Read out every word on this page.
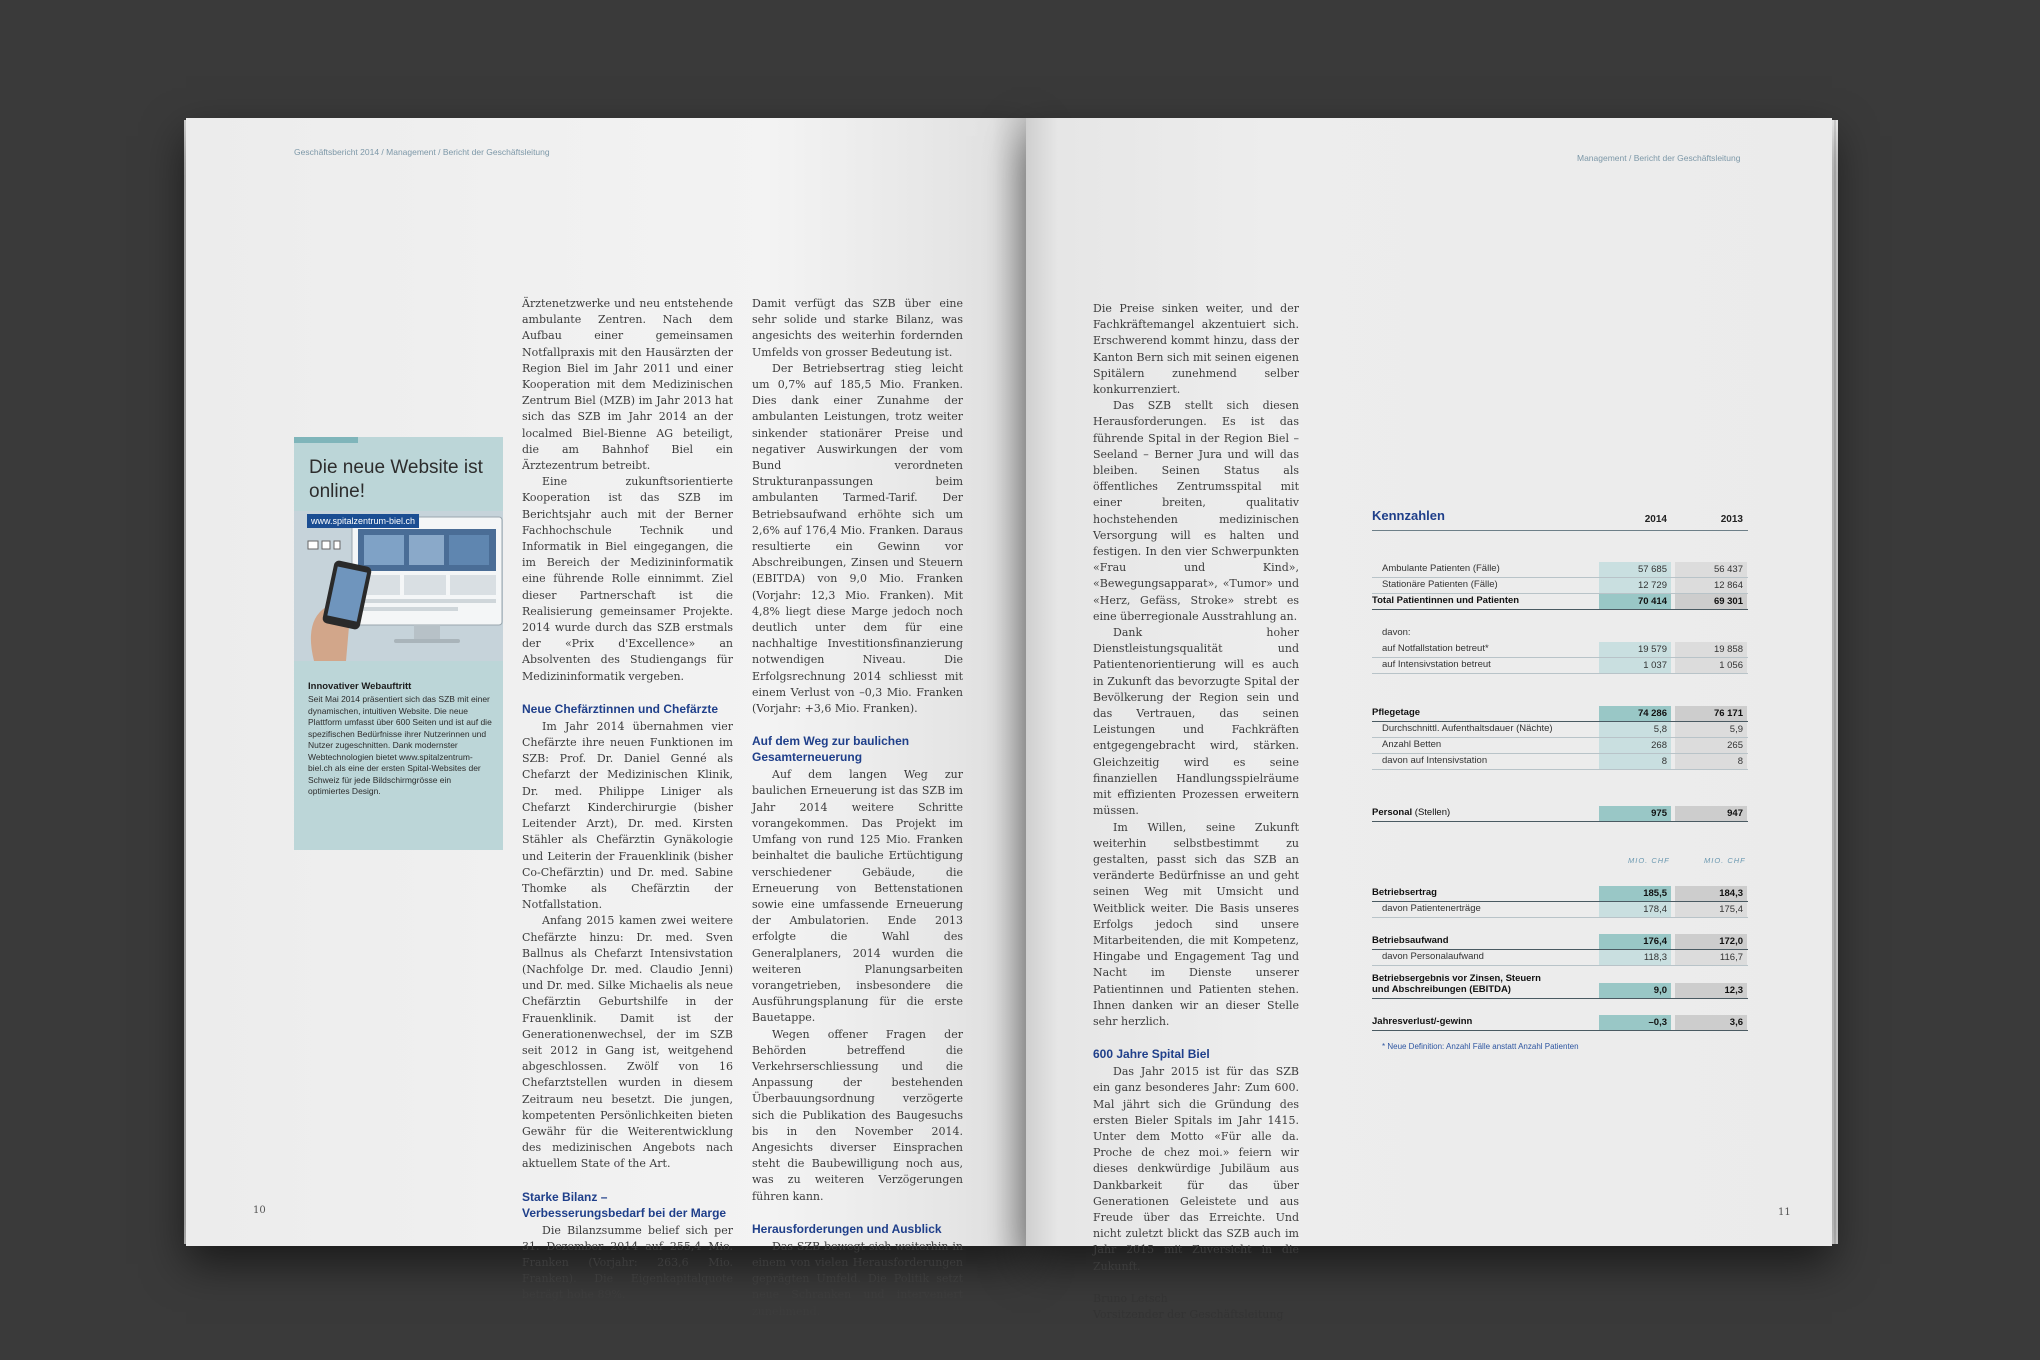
Geschäftsbericht 2014 / Management / Bericht der Geschäftsleitung
Die neue Website ist online!
www.spitalzentrum-biel.ch
Innovativer Webauftritt
Seit Mai 2014 präsentiert sich das SZB mit einer dynamischen, intuitiven Website. Die neue Plattform umfasst über 600 Seiten und ist auf die spezifischen Bedürfnisse ihrer Nutzerinnen und Nutzer zugeschnitten. Dank modernster Webtechnologien bietet www.spitalzentrum-biel.ch als eine der ersten Spital-Websites der Schweiz für jede Bildschirmgrösse ein optimiertes Design.

Ärztenetzwerke und neu entstehende ambulante Zentren. Nach dem Aufbau einer gemeinsamen Notfallpraxis mit den Hausärzten der Region Biel im Jahr 2011 und einer Kooperation mit dem Medizinischen Zentrum Biel (MZB) im Jahr 2013 hat sich das SZB im Jahr 2014 an der localmed Biel-Bienne AG beteiligt, die am Bahnhof Biel ein Ärztezentrum betreibt.

Eine zukunftsorientierte Kooperation ist das SZB im Berichtsjahr auch mit der Berner Fachhochschule Technik und Informatik in Biel eingegangen, die im Bereich der Medizininformatik eine führende Rolle einnimmt. Ziel dieser Partnerschaft ist die Realisierung gemeinsamer Projekte. 2014 wurde durch das SZB erstmals der «Prix d'Excellence» an Absolventen des Studiengangs für Medizininformatik vergeben.

Neue Chefärztinnen und Chefärzte

Im Jahr 2014 übernahmen vier Chefärzte ihre neuen Funktionen im SZB: Prof. Dr. Daniel Genné als Chefarzt der Medizinischen Klinik, Dr. med. Philippe Liniger als Chefarzt Kinderchirurgie (bisher Leitender Arzt), Dr. med. Kirsten Stähler als Chefärztin Gynäkologie und Leiterin der Frauenklinik (bisher Co-Chefärztin) und Dr. med. Sabine Thomke als Chefärztin der Notfallstation.

Anfang 2015 kamen zwei weitere Chefärzte hinzu: Dr. med. Sven Ballnus als Chefarzt Intensivstation (Nachfolge Dr. med. Claudio Jenni) und Dr. med. Silke Michaelis als neue Chefärztin Geburtshilfe in der Frauenklinik. Damit ist der Generationenwechsel, der im SZB seit 2012 in Gang ist, weitgehend abgeschlossen. Zwölf von 16 Chefarztstellen wurden in diesem Zeitraum neu besetzt. Die jungen, kompetenten Persönlichkeiten bieten Gewähr für die Weiterentwicklung des medizinischen Angebots nach aktuellem State of the Art.

Starke Bilanz – Verbesserungsbedarf bei der Marge

Die Bilanzsumme belief sich per 31. Dezember 2014 auf 255,4 Mio. Franken (Vorjahr: 263,6 Mio. Franken). Die Eigenkapitalquote beträgt hohe 89%.

Damit verfügt das SZB über eine sehr solide und starke Bilanz, was angesichts des weiterhin fordernden Umfelds von grosser Bedeutung ist.

Der Betriebsertrag stieg leicht um 0,7% auf 185,5 Mio. Franken. Dies dank einer Zunahme der ambulanten Leistungen, trotz weiter sinkender stationärer Preise und negativer Auswirkungen der vom Bund verordneten Strukturanpassungen beim ambulanten Tarmed-Tarif. Der Betriebsaufwand erhöhte sich um 2,6% auf 176,4 Mio. Franken. Daraus resultierte ein Gewinn vor Abschreibungen, Zinsen und Steuern (EBITDA) von 9,0 Mio. Franken (Vorjahr: 12,3 Mio. Franken). Mit 4,8% liegt diese Marge jedoch noch deutlich unter dem für eine nachhaltige Investitionsfinanzierung notwendigen Niveau. Die Erfolgsrechnung 2014 schliesst mit einem Verlust von –0,3 Mio. Franken (Vorjahr: +3,6 Mio. Franken).

Auf dem Weg zur baulichen Gesamterneuerung

Auf dem langen Weg zur baulichen Erneuerung ist das SZB im Jahr 2014 weitere Schritte vorangekommen. Das Projekt im Umfang von rund 125 Mio. Franken beinhaltet die bauliche Ertüchtigung verschiedener Gebäude, die Erneuerung von Bettenstationen sowie eine umfassende Erneuerung der Ambulatorien. Ende 2013 erfolgte die Wahl des Generalplaners, 2014 wurden die weiteren Planungsarbeiten vorangetrieben, insbesondere die Ausführungsplanung für die erste Bauetappe.

Wegen offener Fragen der Behörden betreffend die Verkehrserschliessung und die Anpassung der bestehenden Überbauungsordnung verzögerte sich die Publikation des Baugesuchs bis in den November 2014. Angesichts diverser Einsprachen steht die Baubewilligung noch aus, was zu weiteren Verzögerungen führen kann.

Herausforderungen und Ausblick

Das SZB bewegt sich weiterhin in einem von vielen Herausforderungen geprägten Umfeld. Die Politik setzt neue Schranken und interveniert zunehmend.

10
Management / Bericht der Geschäftsleitung

Die Preise sinken weiter, und der Fachkräftemangel akzentuiert sich. Erschwerend kommt hinzu, dass der Kanton Bern sich mit seinen eigenen Spitälern zunehmend selber konkurrenziert.

Das SZB stellt sich diesen Herausforderungen. Es ist das führende Spital in der Region Biel – Seeland – Berner Jura und will das bleiben. Seinen Status als öffentliches Zentrumsspital mit einer breiten, qualitativ hochstehenden medizinischen Versorgung will es halten und festigen. In den vier Schwerpunkten «Frau und Kind», «Bewegungsapparat», «Tumor» und «Herz, Gefäss, Stroke» strebt es eine überregionale Ausstrahlung an.

Dank hoher Dienstleistungsqualität und Patientenorientierung will es auch in Zukunft das bevorzugte Spital der Bevölkerung der Region sein und das Vertrauen, das seinen Leistungen und Fachkräften entgegengebracht wird, stärken. Gleichzeitig wird es seine finanziellen Handlungsspielräume mit effizienten Prozessen erweitern müssen.

Im Willen, seine Zukunft weiterhin selbstbestimmt zu gestalten, passt sich das SZB an veränderte Bedürfnisse an und geht seinen Weg mit Umsicht und Weitblick weiter. Die Basis unseres Erfolgs jedoch sind unsere Mitarbeitenden, die mit Kompetenz, Hingabe und Engagement Tag und Nacht im Dienste unserer Patientinnen und Patienten stehen. Ihnen danken wir an dieser Stelle sehr herzlich.

600 Jahre Spital Biel

Das Jahr 2015 ist für das SZB ein ganz besonderes Jahr: Zum 600. Mal jährt sich die Gründung des ersten Bieler Spitals im Jahr 1415. Unter dem Motto «Für alle da. Proche de chez moi.» feiern wir dieses denkwürdige Jubiläum aus Dankbarkeit für das über Generationen Geleistete und aus Freude über das Erreichte. Und nicht zuletzt blickt das SZB auch im Jahr 2015 mit Zuversicht in die Zukunft.

Bruno Letsch
Vorsitzender der Geschäftsleitung
Kennzahlen	2014	2013
Ambulante Patienten (Fälle)	57 685	56 437
Stationäre Patienten (Fälle)	12 729	12 864
Total Patientinnen und Patienten	70 414	69 301
davon:
auf Notfallstation betreut*	19 579	19 858
auf Intensivstation betreut	1 037	1 056
Pflegetage	74 286	76 171
Durchschnittl. Aufenthaltsdauer (Nächte)	5,8	5,9
Anzahl Betten	268	265
davon auf Intensivstation	8	8
Personal (Stellen)	975	947
MIO. CHF	MIO. CHF
Betriebsertrag	185,5	184,3
davon Patientenerträge	178,4	175,4
Betriebsaufwand	176,4	172,0
davon Personalaufwand	118,3	116,7
Betriebsergebnis vor Zinsen, Steuern
und Abschreibungen (EBITDA)	9,0	12,3
Jahresverlust/-gewinn	–0,3	3,6
* Neue Definition: Anzahl Fälle anstatt Anzahl Patienten
11
